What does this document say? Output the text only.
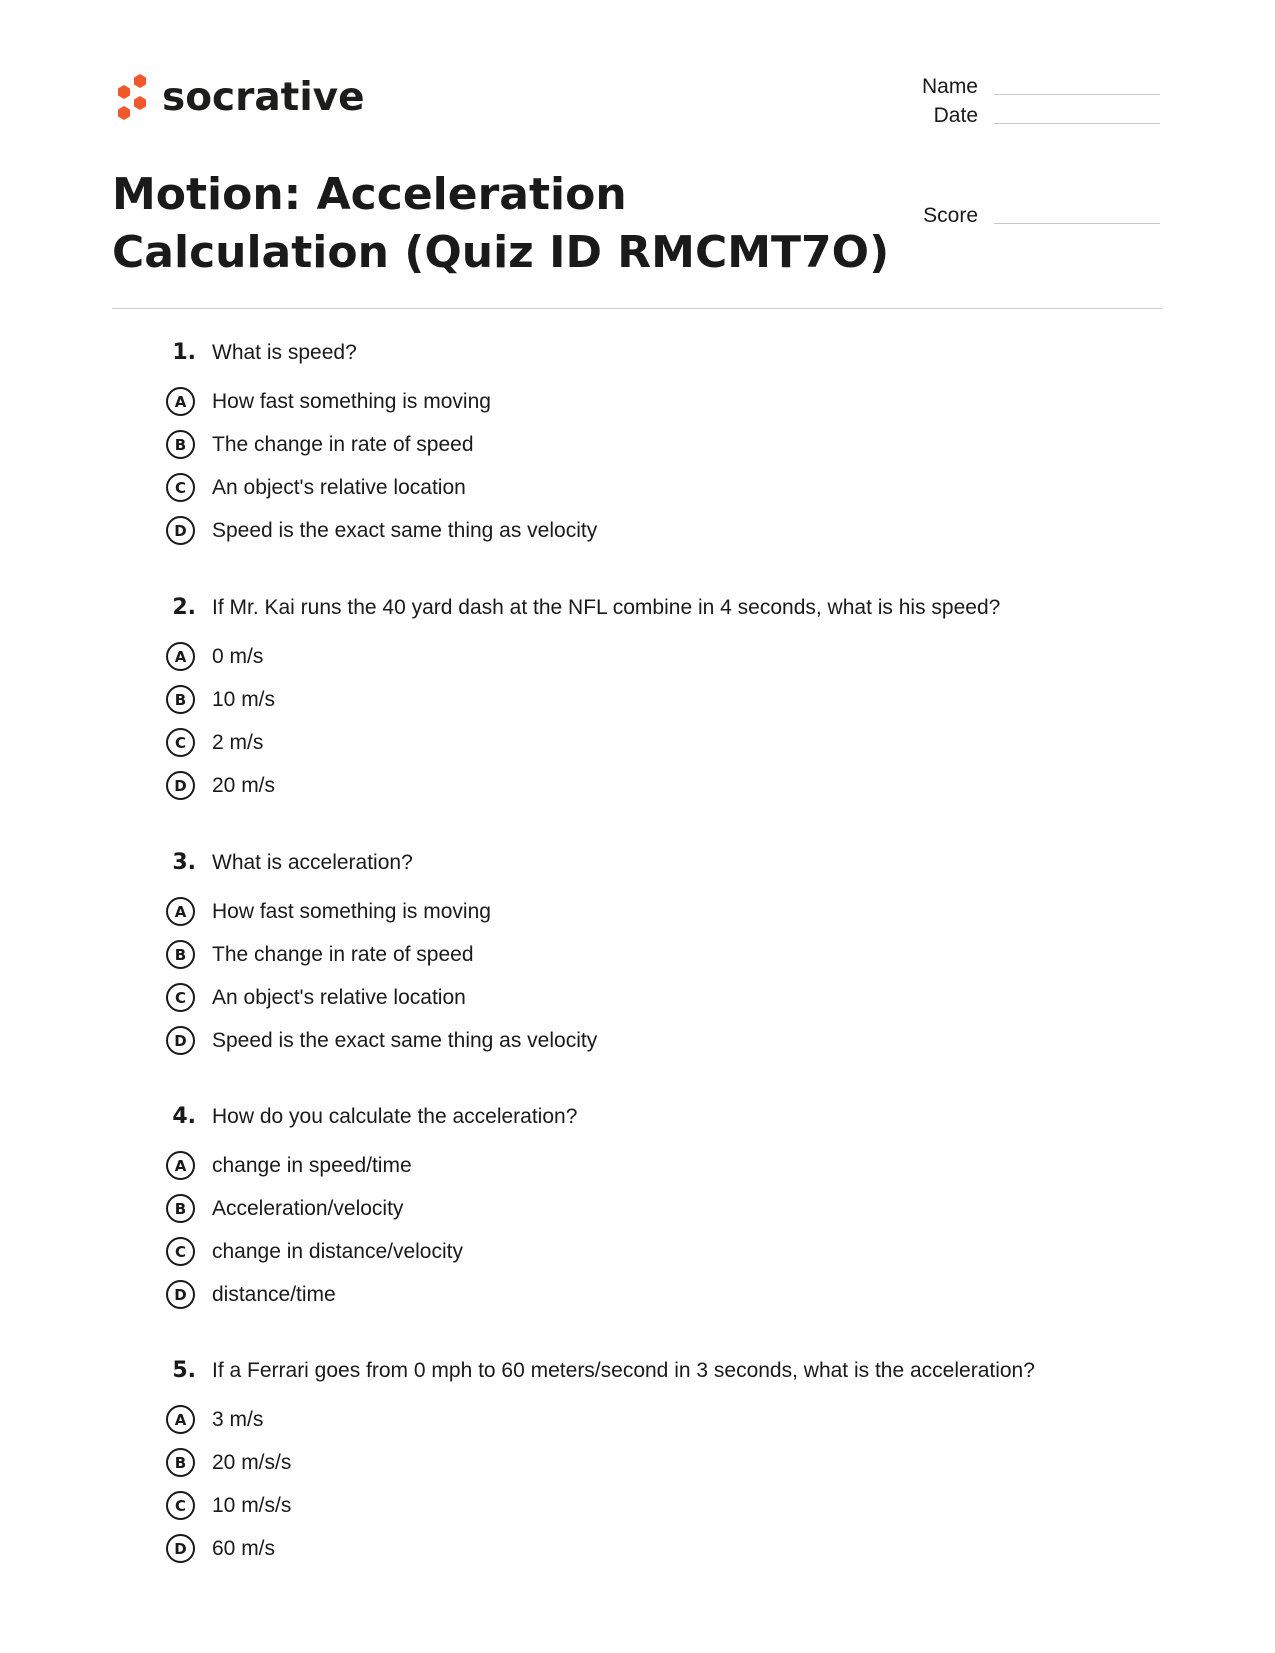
socrative	Name
Date
Score
Motion: Acceleration Calculation (Quiz ID RMCMT7O)
1. What is speed?
A	How fast something is moving
B	The change in rate of speed
C	An object's relative location
D	Speed is the exact same thing as velocity
2. If Mr. Kai runs the 40 yard dash at the NFL combine in 4 seconds, what is his speed?
A	0 m/s
B	10 m/s
C	2 m/s
D	20 m/s
3. What is acceleration?
A	How fast something is moving
B	The change in rate of speed
C	An object's relative location
D	Speed is the exact same thing as velocity
4. How do you calculate the acceleration?
A	change in speed/time
B	Acceleration/velocity
C	change in distance/velocity
D	distance/time
5. If a Ferrari goes from 0 mph to 60 meters/second in 3 seconds, what is the acceleration?
A	3 m/s
B	20 m/s/s
C	10 m/s/s
D	60 m/s
